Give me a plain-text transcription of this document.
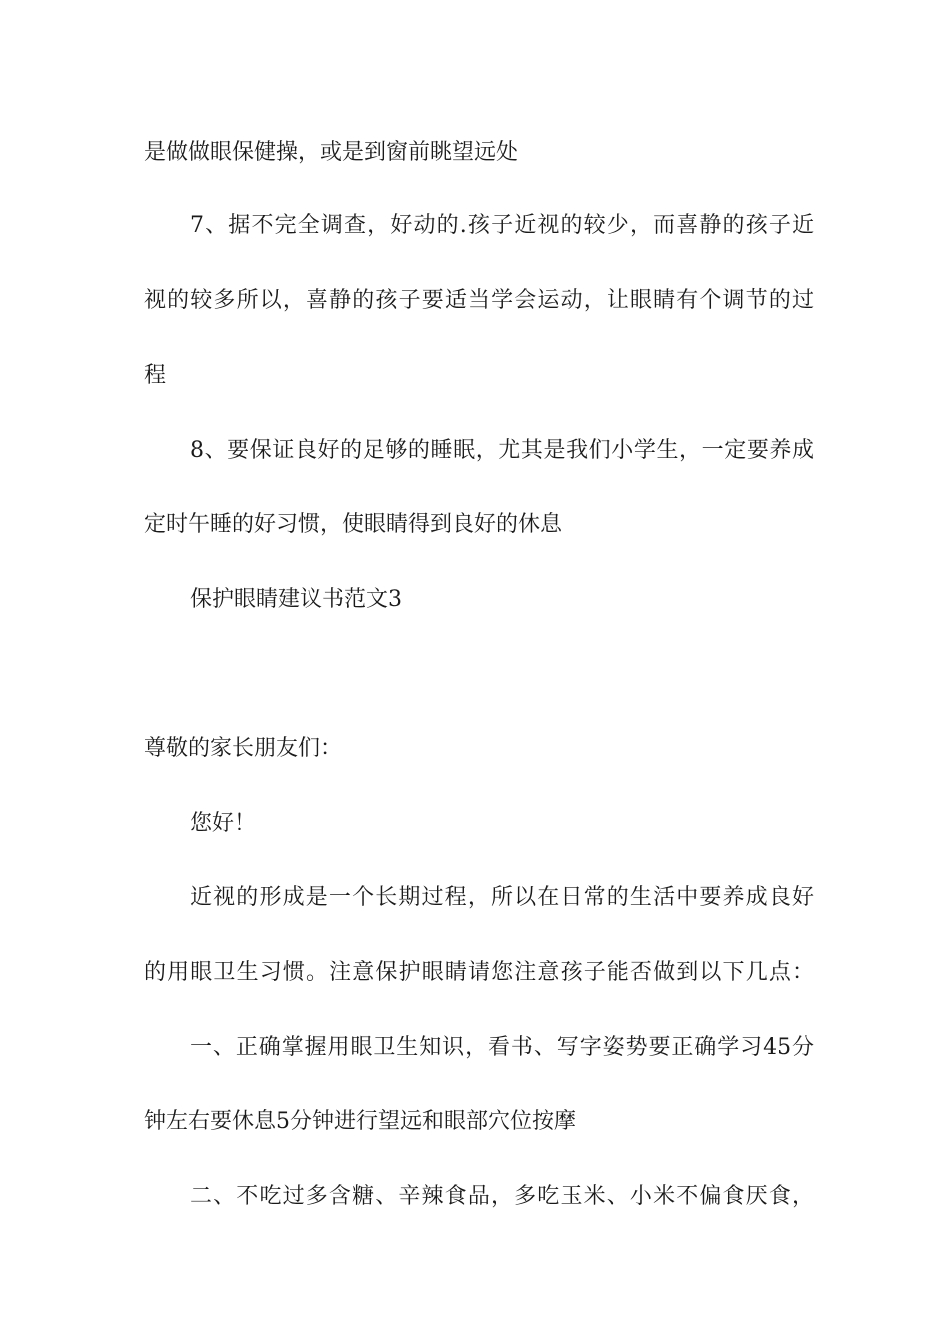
是做做眼保健操，或是到窗前眺望远处
7、据不完全调查，好动的.孩子近视的较少，而喜静的孩子近
视的较多所以，喜静的孩子要适当学会运动，让眼睛有个调节的过
程
8、要保证良好的足够的睡眠，尤其是我们小学生，一定要养成
定时午睡的好习惯，使眼睛得到良好的休息
保护眼睛建议书范文3
尊敬的家长朋友们：
您好！
近视的形成是一个长期过程，所以在日常的生活中要养成良好
的用眼卫生习惯。注意保护眼睛请您注意孩子能否做到以下几点：
一、正确掌握用眼卫生知识，看书、写字姿势要正确学习45分
钟左右要休息5分钟进行望远和眼部穴位按摩
二、不吃过多含糖、辛辣食品，多吃玉米、小米不偏食厌食，
